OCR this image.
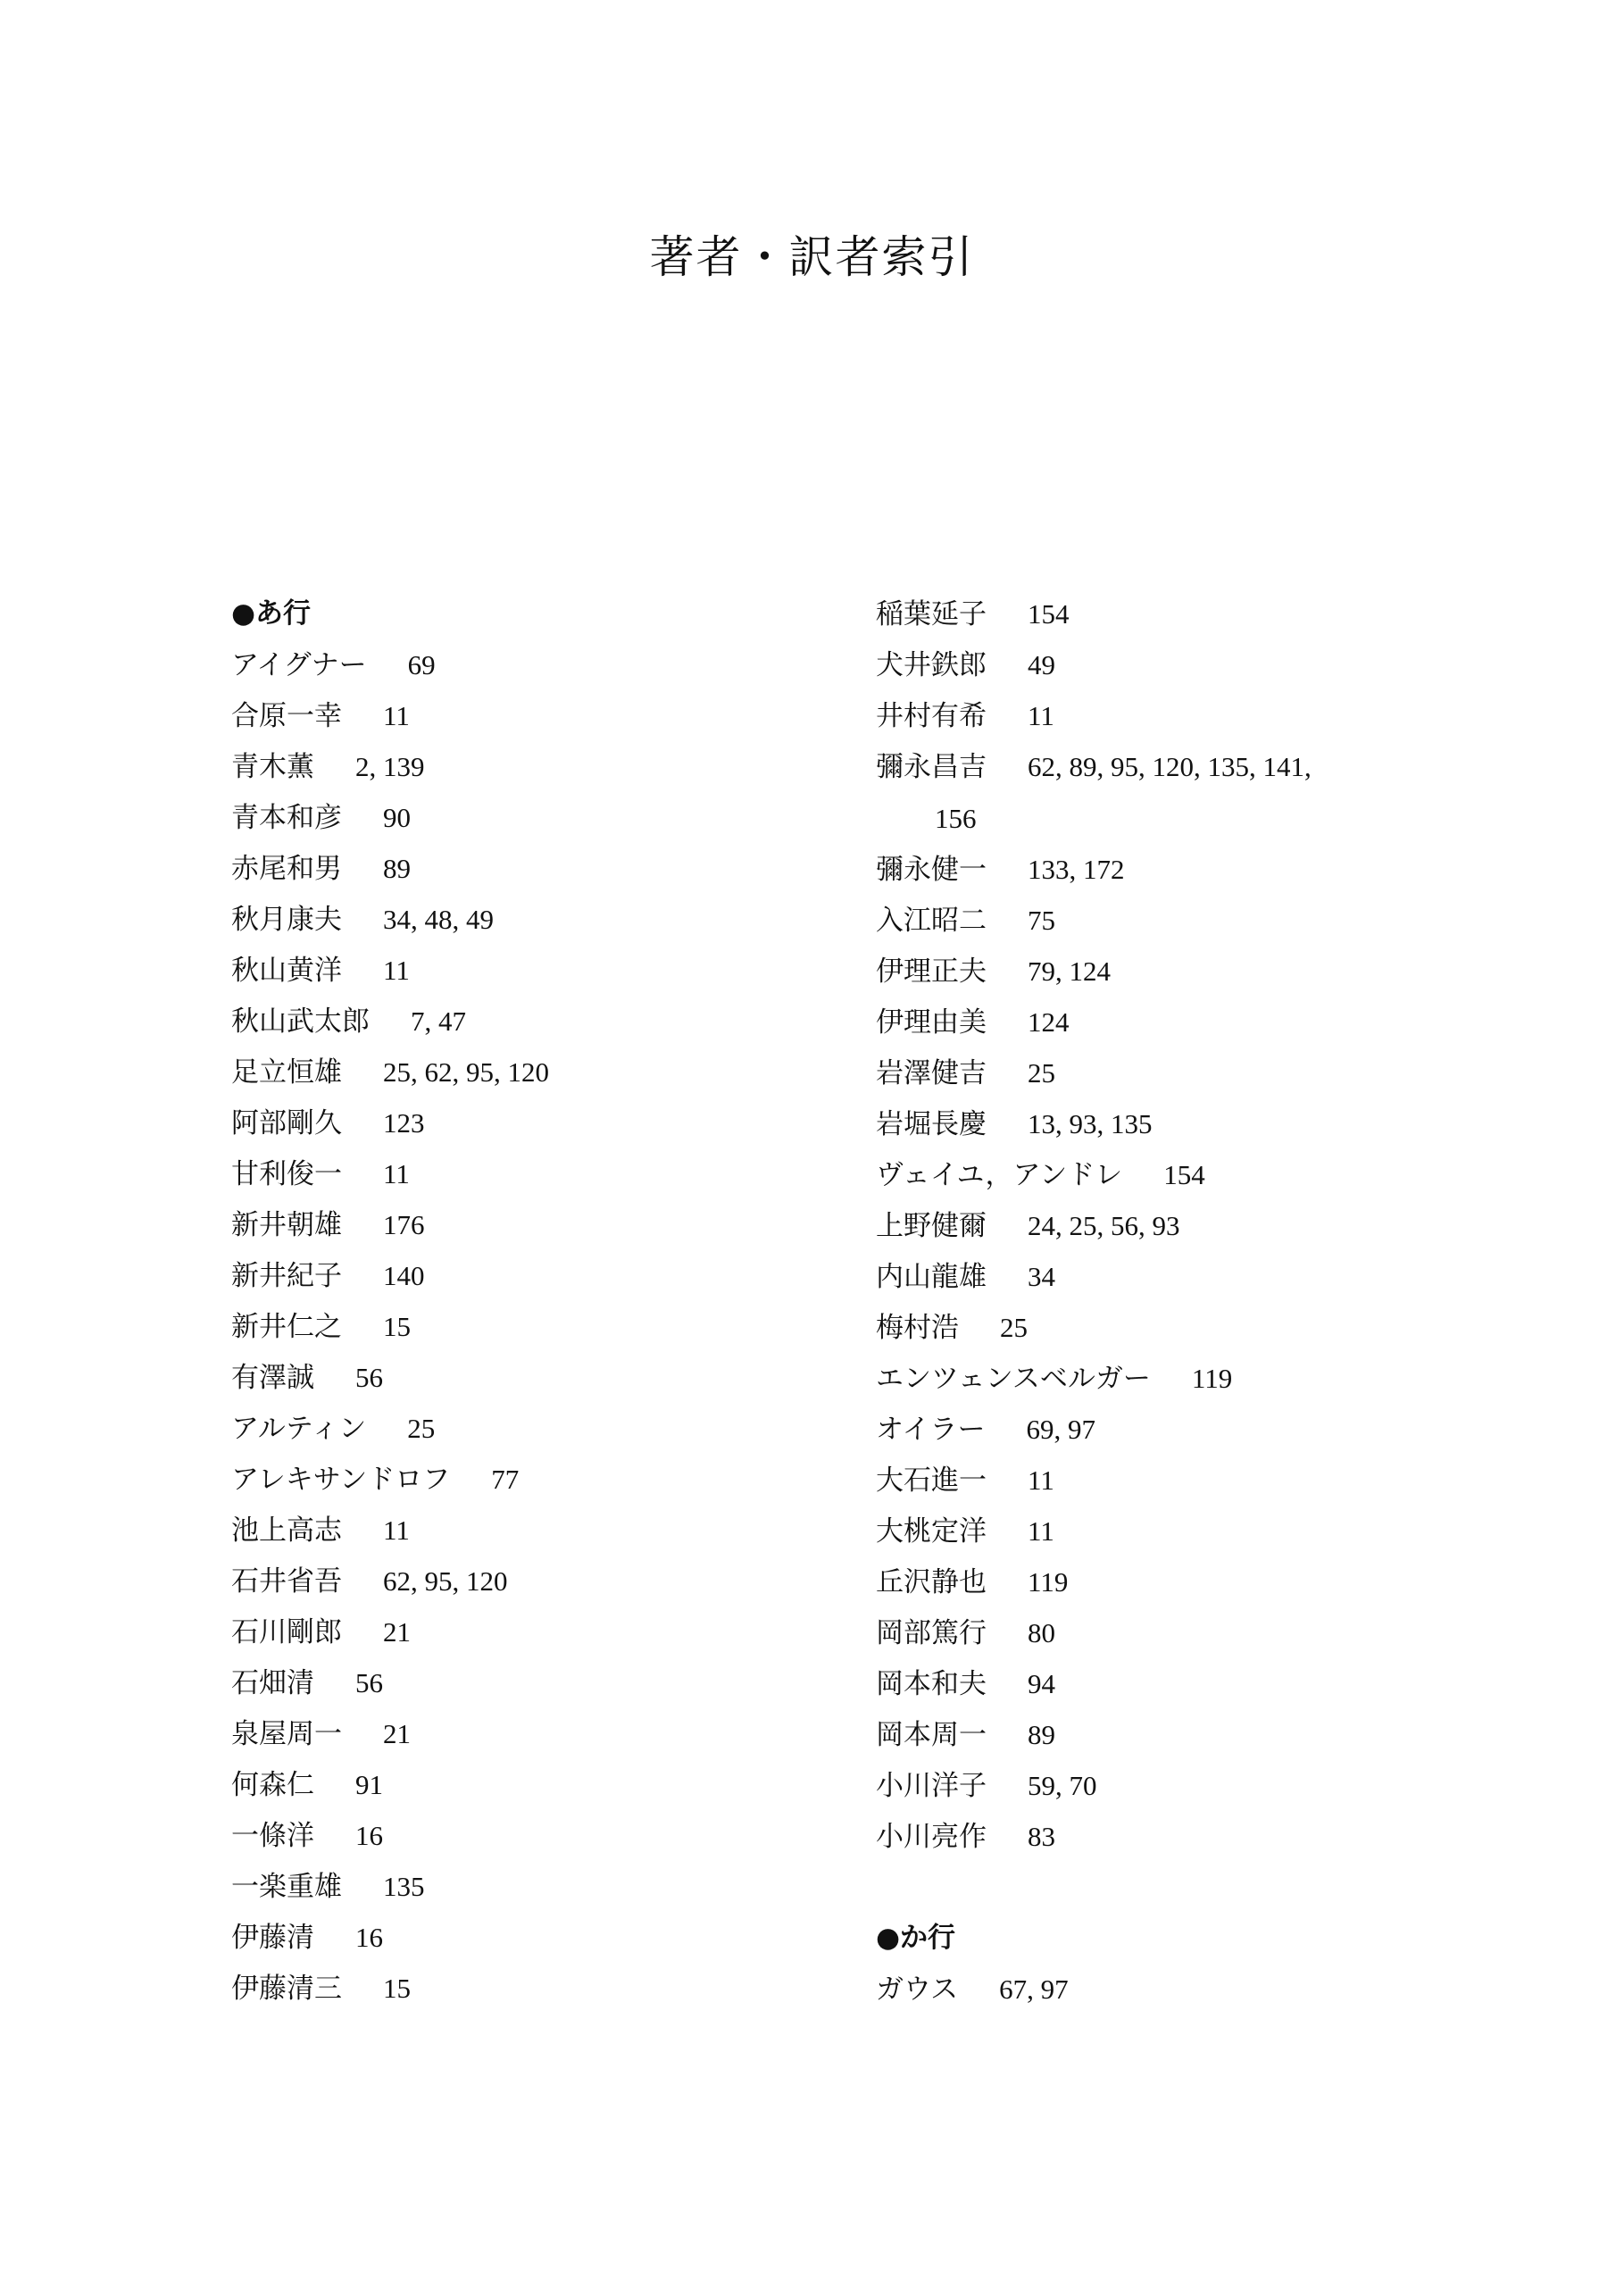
著者・訳者索引
●あ行
アイグナー 69
合原一幸 11
青木薫 2, 139
青本和彦 90
赤尾和男 89
秋月康夫 34, 48, 49
秋山黄洋 11
秋山武太郎 7, 47
足立恒雄 25, 62, 95, 120
阿部剛久 123
甘利俊一 11
新井朝雄 176
新井紀子 140
新井仁之 15
有澤誠 56
アルティン 25
アレキサンドロフ 77
池上高志 11
石井省吾 62, 95, 120
石川剛郎 21
石畑清 56
泉屋周一 21
何森仁 91
一條洋 16
一楽重雄 135
伊藤清 16
伊藤清三 15
稲葉延子 154
犬井鉄郎 49
井村有希 11
彌永昌吉 62, 89, 95, 120, 135, 141,
156
彌永健一 133, 172
入江昭二 75
伊理正夫 79, 124
伊理由美 124
岩澤健吉 25
岩堀長慶 13, 93, 135
ヴェイユ，アンドレ 154
上野健爾 24, 25, 56, 93
内山龍雄 34
梅村浩 25
エンツェンスベルガー 119
オイラー 69, 97
大石進一 11
大桃定洋 11
丘沢静也 119
岡部篤行 80
岡本和夫 94
岡本周一 89
小川洋子 59, 70
小川亮作 83
●か行
ガウス 67, 97
